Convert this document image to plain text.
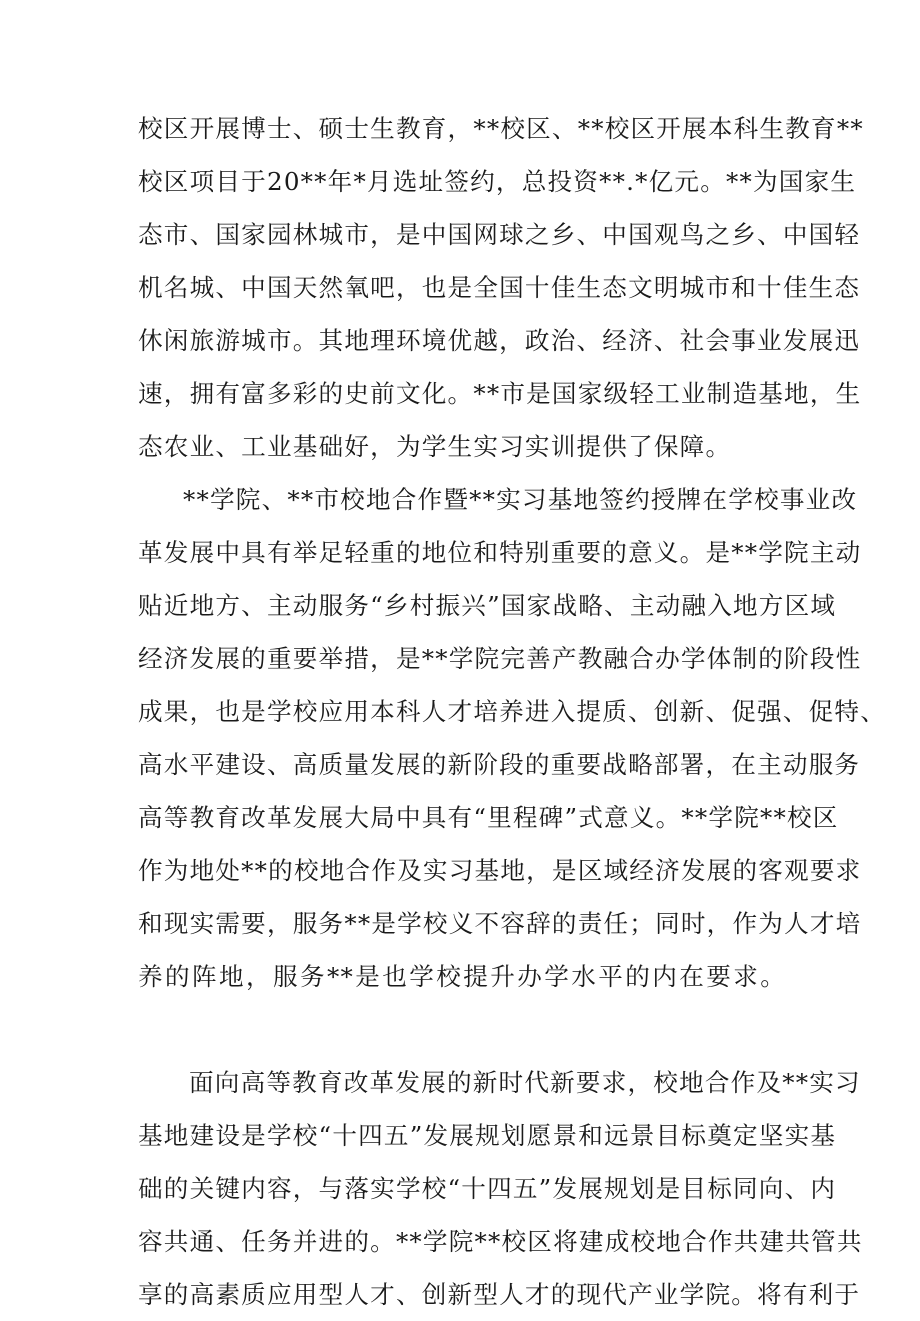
校区开展博士、硕士生教育，**校区、**校区开展本科生教育**
校区项目于20**年*月选址签约，总投资**.*亿元。**为国家生
态市、国家园林城市，是中国网球之乡、中国观鸟之乡、中国轻
机名城、中国天然氧吧，也是全国十佳生态文明城市和十佳生态
休闲旅游城市。其地理环境优越，政治、经济、社会事业发展迅
速，拥有富多彩的史前文化。**市是国家级轻工业制造基地，生
态农业、工业基础好，为学生实习实训提供了保障。

**学院、**市校地合作暨**实习基地签约授牌在学校事业改
革发展中具有举足轻重的地位和特别重要的意义。是**学院主动
贴近地方、主动服务“乡村振兴”国家战略、主动融入地方区域
经济发展的重要举措，是**学院完善产教融合办学体制的阶段性
成果，也是学校应用本科人才培养进入提质、创新、促强、促特、
高水平建设、高质量发展的新阶段的重要战略部署，在主动服务
高等教育改革发展大局中具有“里程碑”式意义。**学院**校区
作为地处**的校地合作及实习基地，是区域经济发展的客观要求
和现实需要，服务**是学校义不容辞的责任；同时，作为人才培
养的阵地，服务**是也学校提升办学水平的内在要求。

面向高等教育改革发展的新时代新要求，校地合作及**实习
基地建设是学校“十四五”发展规划愿景和远景目标奠定坚实基
础的关键内容，与落实学校“十四五”发展规划是目标同向、内
容共通、任务并进的。**学院**校区将建成校地合作共建共管共
享的高素质应用型人才、创新型人才的现代产业学院。将有利于
